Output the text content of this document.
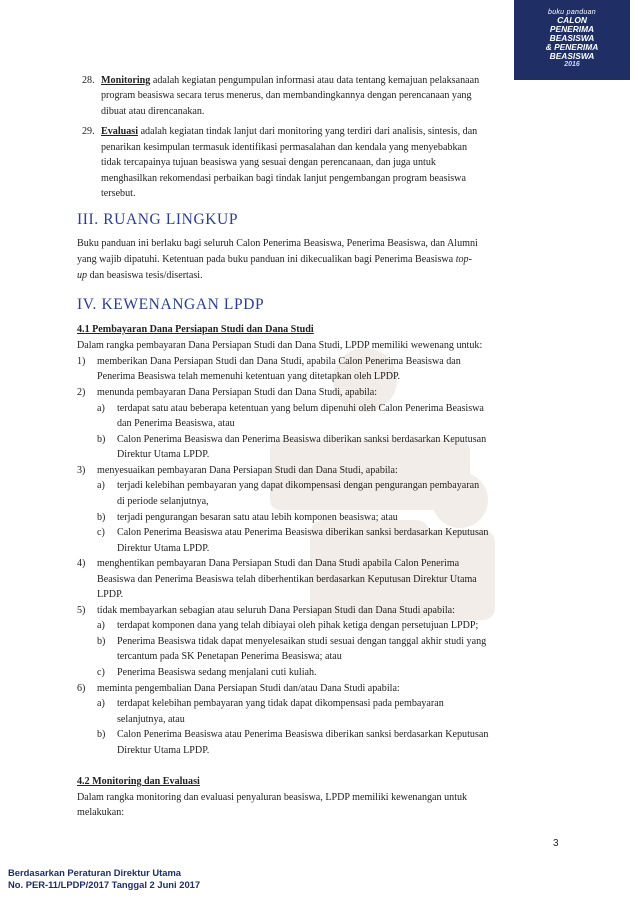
buku panduan
CALON
PENERIMA
BEASISWA
& PENERIMA
BEASISWA
2016
28. Monitoring adalah kegiatan pengumpulan informasi atau data tentang kemajuan pelaksanaan
program beasiswa secara terus menerus, dan membandingkannya dengan perencanaan yang
dibuat atau direncanakan.
29. Evaluasi adalah kegiatan tindak lanjut dari monitoring yang terdiri dari analisis, sintesis, dan
penarikan kesimpulan termasuk identifikasi permasalahan dan kendala yang menyebabkan
tidak tercapainya tujuan beasiswa yang sesuai dengan perencanaan, dan juga untuk
menghasilkan rekomendasi perbaikan bagi tindak lanjut pengembangan program beasiswa
tersebut.
III. RUANG LINGKUP
Buku panduan ini berlaku bagi seluruh Calon Penerima Beasiswa, Penerima Beasiswa, dan Alumni
yang wajib dipatuhi. Ketentuan pada buku panduan ini dikecualikan bagi Penerima Beasiswa top-
up dan beasiswa tesis/disertasi.
IV. KEWENANGAN LPDP
4.1 Pembayaran Dana Persiapan Studi dan Dana Studi
Dalam rangka pembayaran Dana Persiapan Studi dan Dana Studi, LPDP memiliki wewenang untuk:
1) memberikan Dana Persiapan Studi dan Dana Studi, apabila Calon Penerima Beasiswa dan
Penerima Beasiswa telah memenuhi ketentuan yang ditetapkan oleh LPDP.
2) menunda pembayaran Dana Persiapan Studi dan Dana Studi, apabila:
a) terdapat satu atau beberapa ketentuan yang belum dipenuhi oleh Calon Penerima Beasiswa
dan Penerima Beasiswa, atau
b) Calon Penerima Beasiswa dan Penerima Beasiswa diberikan sanksi berdasarkan Keputusan
Direktur Utama LPDP.
3) menyesuaikan pembayaran Dana Persiapan Studi dan Dana Studi, apabila:
a) terjadi kelebihan pembayaran yang dapat dikompensasi dengan pengurangan pembayaran
di periode selanjutnya,
b) terjadi pengurangan besaran satu atau lebih komponen beasiswa; atau
c) Calon Penerima Beasiswa atau Penerima Beasiswa diberikan sanksi berdasarkan Keputusan
Direktur Utama LPDP.
4) menghentikan pembayaran Dana Persiapan Studi dan Dana Studi apabila Calon Penerima
Beasiswa dan Penerima Beasiswa telah diberhentikan berdasarkan Keputusan Direktur Utama
LPDP.
5) tidak membayarkan sebagian atau seluruh Dana Persiapan Studi dan Dana Studi apabila:
a) terdapat komponen dana yang telah dibiayai oleh pihak ketiga dengan persetujuan LPDP;
b) Penerima Beasiswa tidak dapat menyelesaikan studi sesuai dengan tanggal akhir studi yang
tercantum pada SK Penetapan Penerima Beasiswa; atau
c) Penerima Beasiswa sedang menjalani cuti kuliah.
6) meminta pengembalian Dana Persiapan Studi dan/atau Dana Studi apabila:
a) terdapat kelebihan pembayaran yang tidak dapat dikompensasi pada pembayaran
selanjutnya, atau
b) Calon Penerima Beasiswa atau Penerima Beasiswa diberikan sanksi berdasarkan Keputusan
Direktur Utama LPDP.
4.2 Monitoring dan Evaluasi
Dalam rangka monitoring dan evaluasi penyaluran beasiswa, LPDP memiliki kewenangan untuk
melakukan:
3
Berdasarkan Peraturan Direktur Utama
No. PER-11/LPDP/2017 Tanggal 2 Juni 2017
